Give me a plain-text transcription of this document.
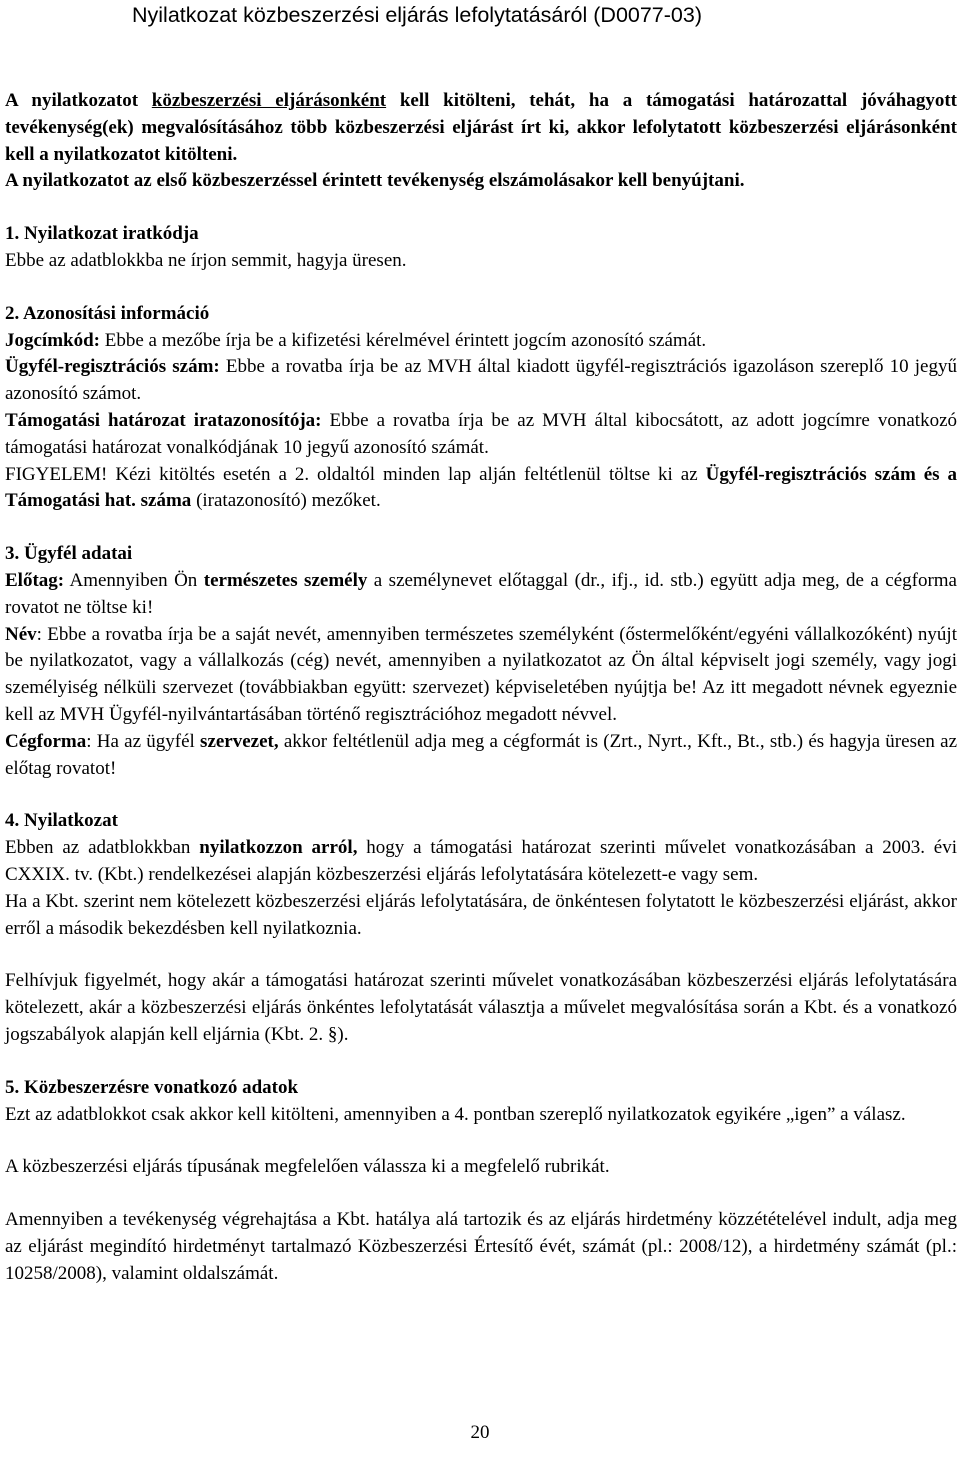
Nyilatkozat közbeszerzési eljárás lefolytatásáról (D0077-03)

A nyilatkozatot közbeszerzési eljárásonként kell kitölteni, tehát, ha a támogatási határozattal jóváhagyott tevékenység(ek) megvalósításához több közbeszerzési eljárást írt ki, akkor lefolytatott közbeszerzési eljárásonként kell a nyilatkozatot kitölteni.

A nyilatkozatot az első közbeszerzéssel érintett tevékenység elszámolásakor kell benyújtani.

1. Nyilatkozat iratkódja

Ebbe az adatblokkba ne írjon semmit, hagyja üresen.

2. Azonosítási információ

Jogcímkód: Ebbe a mezőbe írja be a kifizetési kérelmével érintett jogcím azonosító számát.

Ügyfél-regisztrációs szám: Ebbe a rovatba írja be az MVH által kiadott ügyfél-regisztrációs igazoláson szereplő 10 jegyű azonosító számot.

Támogatási határozat iratazonosítója: Ebbe a rovatba írja be az MVH által kibocsátott, az adott jogcímre vonatkozó támogatási határozat vonalkódjának 10 jegyű azonosító számát.

FIGYELEM! Kézi kitöltés esetén a 2. oldaltól minden lap alján feltétlenül töltse ki az Ügyfél-regisztrációs szám és a Támogatási hat. száma (iratazonosító) mezőket.

3. Ügyfél adatai

Előtag: Amennyiben Ön természetes személy a személynevet előtaggal (dr., ifj., id. stb.) együtt adja meg, de a cégforma rovatot ne töltse ki!

Név: Ebbe a rovatba írja be a saját nevét, amennyiben természetes személyként (őstermelőként/egyéni vállalkozóként) nyújt be nyilatkozatot, vagy a vállalkozás (cég) nevét, amennyiben a nyilatkozatot az Ön által képviselt jogi személy, vagy jogi személyiség nélküli szervezet (továbbiakban együtt: szervezet) képviseletében nyújtja be! Az itt megadott névnek egyeznie kell az MVH Ügyfél-nyilvántartásában történő regisztrációhoz megadott névvel.

Cégforma: Ha az ügyfél szervezet, akkor feltétlenül adja meg a cégformát is (Zrt., Nyrt., Kft., Bt., stb.) és hagyja üresen az előtag rovatot!

4. Nyilatkozat

Ebben az adatblokkban nyilatkozzon arról, hogy a támogatási határozat szerinti művelet vonatkozásában a 2003. évi CXXIX. tv. (Kbt.) rendelkezései alapján közbeszerzési eljárás lefolytatására kötelezett-e vagy sem.

Ha a Kbt. szerint nem kötelezett közbeszerzési eljárás lefolytatására, de önkéntesen folytatott le közbeszerzési eljárást, akkor erről a második bekezdésben kell nyilatkoznia.

Felhívjuk figyelmét, hogy akár a támogatási határozat szerinti művelet vonatkozásában közbeszerzési eljárás lefolytatására kötelezett, akár a közbeszerzési eljárás önkéntes lefolytatását választja a művelet megvalósítása során a Kbt. és a vonatkozó jogszabályok alapján kell eljárnia (Kbt. 2. §).

5. Közbeszerzésre vonatkozó adatok

Ezt az adatblokkot csak akkor kell kitölteni, amennyiben a 4. pontban szereplő nyilatkozatok egyikére „igen” a válasz.

A közbeszerzési eljárás típusának megfelelően válassza ki a megfelelő rubrikát.

Amennyiben a tevékenység végrehajtása a Kbt. hatálya alá tartozik és az eljárás hirdetmény közzétételével indult, adja meg az eljárást megindító hirdetményt tartalmazó Közbeszerzési Értesítő évét, számát (pl.: 2008/12), a hirdetmény számát (pl.: 10258/2008), valamint oldalszámát.

20
